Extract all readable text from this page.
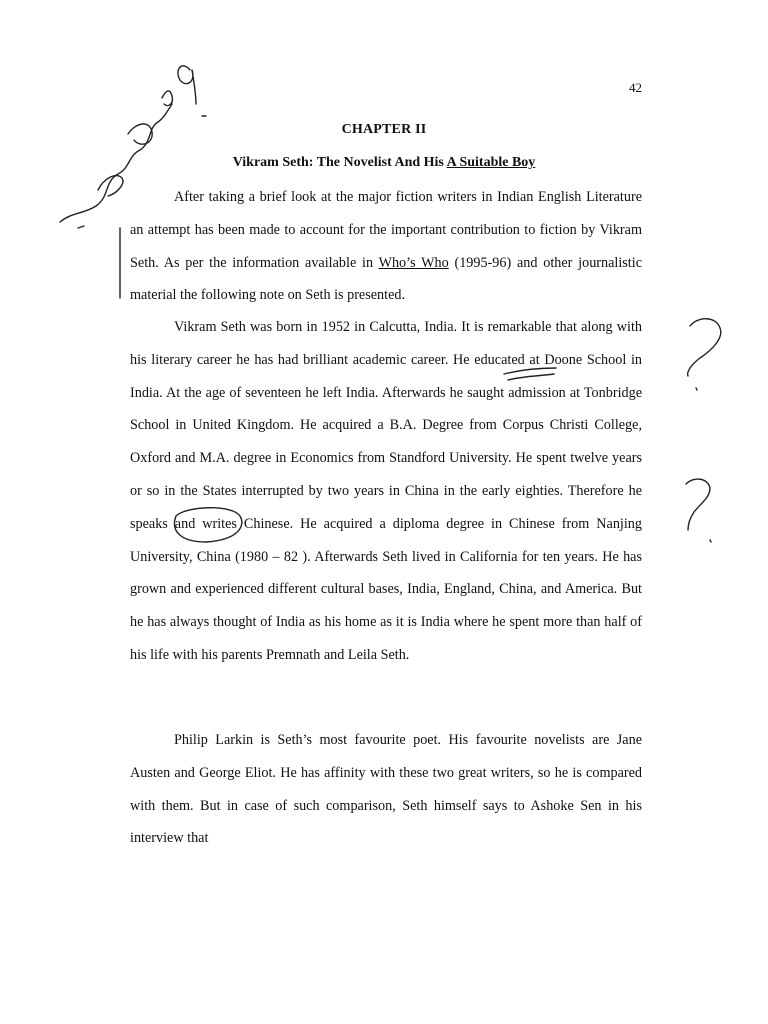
42
CHAPTER II
Vikram Seth: The Novelist And His A Suitable Boy

After taking a brief look at the major fiction writers in Indian English Literature an attempt has been made to account for the important contribution to fiction by Vikram Seth. As per the information available in Who’s Who (1995-96) and other journalistic material the following note on Seth is presented.

Vikram Seth was born in 1952 in Calcutta, India. It is remarkable that along with his literary career he has had brilliant academic career. He educated at Doone School in India. At the age of seventeen he left India. Afterwards he saught admission at Tonbridge School in United Kingdom. He acquired a B.A. Degree from Corpus Christi College, Oxford and M.A. degree in Economics from Standford University. He spent twelve years or so in the States interrupted by two years in China in the early eighties. Therefore he speaks and writes Chinese. He acquired a diploma degree in Chinese from Nanjing University, China (1980 – 82 ). Afterwards Seth lived in California for ten years. He has grown and experienced different cultural bases, India, England, China, and America. But he has always thought of India as his home as it is India where he spent more than half of his life with his parents Premnath and Leila Seth.

Philip Larkin is Seth’s most favourite poet. His favourite novelists are Jane Austen and George Eliot. He has affinity with these two great writers, so he is compared with them. But in case of such comparison, Seth himself says to Ashoke Sen in his interview that
